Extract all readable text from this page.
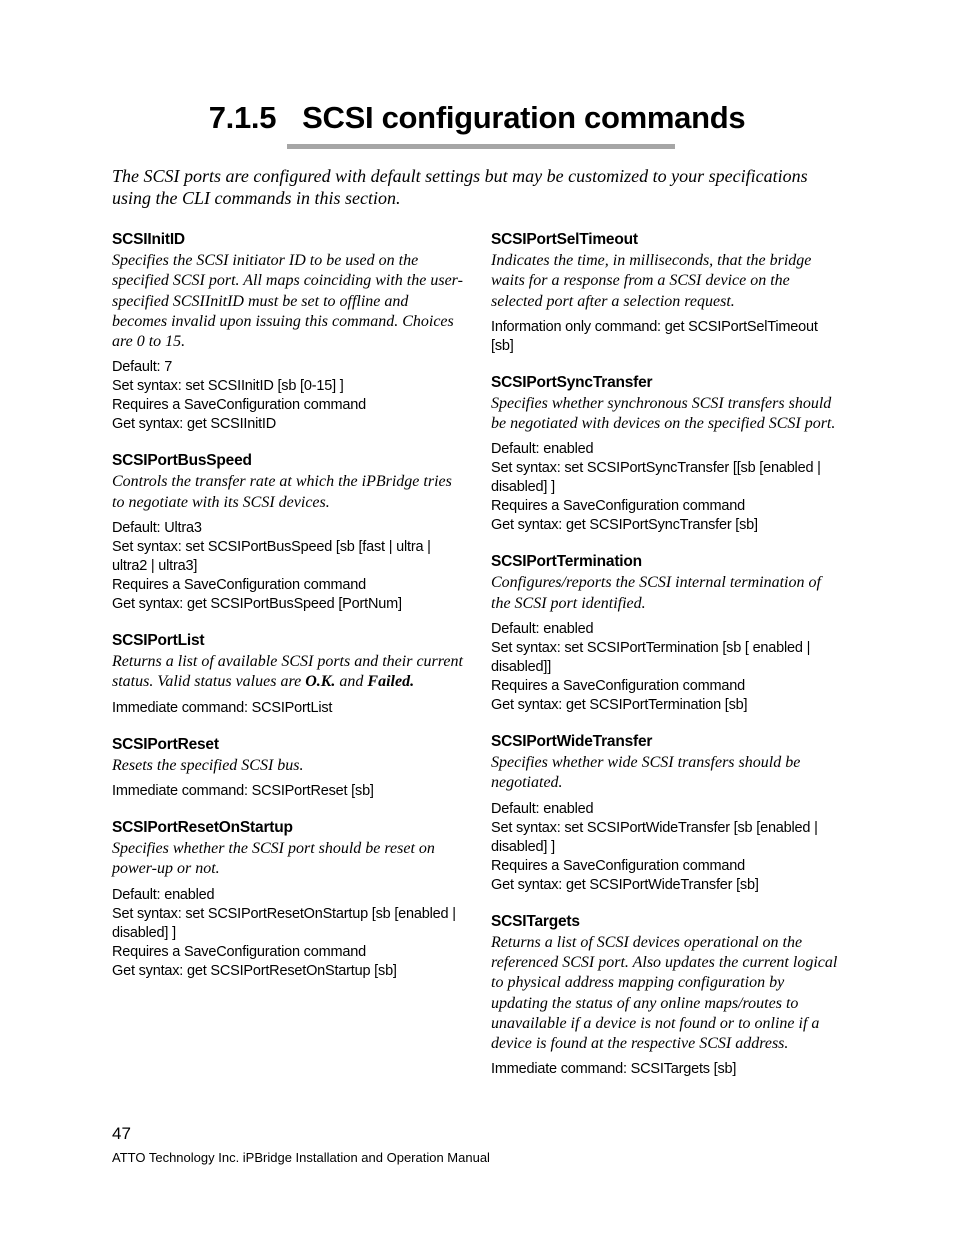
7.1.5 SCSI configuration commands

The SCSI ports are configured with default settings but may be customized to your specifications using the CLI commands in this section.

SCSIInitID

Specifies the SCSI initiator ID to be used on the specified SCSI port. All maps coinciding with the user-specified SCSIInitID must be set to offline and becomes invalid upon issuing this command. Choices are 0 to 15.

Default: 7
Set syntax: set SCSIInitID [sb [0-15] ]
Requires a SaveConfiguration command
Get syntax: get SCSIInitID
SCSIPortBusSpeed

Controls the transfer rate at which the iPBridge tries to negotiate with its SCSI devices.

Default: Ultra3
Set syntax: set SCSIPortBusSpeed [sb [fast | ultra | ultra2 | ultra3]
Requires a SaveConfiguration command
Get syntax: get SCSIPortBusSpeed [PortNum]
SCSIPortList

Returns a list of available SCSI ports and their current status. Valid status values are O.K. and Failed.

Immediate command: SCSIPortList
SCSIPortReset

Resets the specified SCSI bus.

Immediate command: SCSIPortReset [sb]
SCSIPortResetOnStartup

Specifies whether the SCSI port should be reset on power-up or not.

Default: enabled
Set syntax: set SCSIPortResetOnStartup [sb [enabled | disabled] ]
Requires a SaveConfiguration command
Get syntax: get SCSIPortResetOnStartup [sb]
SCSIPortSelTimeout

Indicates the time, in milliseconds, that the bridge waits for a response from a SCSI device on the selected port after a selection request.

Information only command: get SCSIPortSelTimeout [sb]
SCSIPortSyncTransfer

Specifies whether synchronous SCSI transfers should be negotiated with devices on the specified SCSI port.

Default: enabled
Set syntax: set SCSIPortSyncTransfer [[sb [enabled | disabled] ]
Requires a SaveConfiguration command
Get syntax: get SCSIPortSyncTransfer [sb]
SCSIPortTermination

Configures/reports the SCSI internal termination of the SCSI port identified.

Default: enabled
Set syntax: set SCSIPortTermination [sb [ enabled | disabled]]
Requires a SaveConfiguration command
Get syntax: get SCSIPortTermination [sb]
SCSIPortWideTransfer

Specifies whether wide SCSI transfers should be negotiated.

Default: enabled
Set syntax: set SCSIPortWideTransfer [sb [enabled | disabled] ]
Requires a SaveConfiguration command
Get syntax: get SCSIPortWideTransfer [sb]
SCSITargets

Returns a list of SCSI devices operational on the referenced SCSI port. Also updates the current logical to physical address mapping configuration by updating the status of any online maps/routes to unavailable if a device is not found or to online if a device is found at the respective SCSI address.

Immediate command: SCSITargets [sb]
47
ATTO Technology Inc. iPBridge Installation and Operation Manual
